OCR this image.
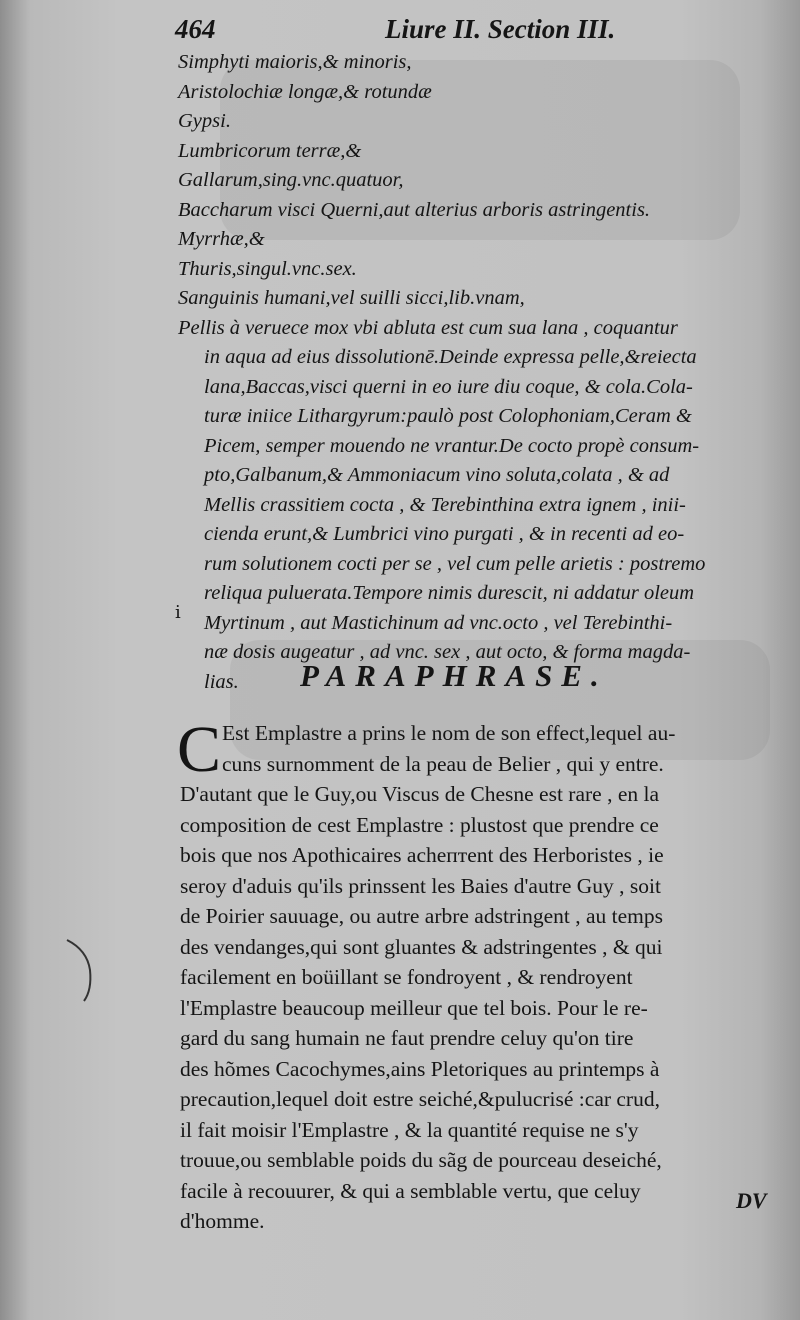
464	Liure II. Section III.
Simphyti maioris,& minoris,
Aristolochiæ longæ,& rotundæ
Gypsi.
Lumbricorum terræ,&
Gallarum,sing.vnc.quatuor,
Baccharum visci Querni,aut alterius arboris astringentis.
Myrrhæ,&
Thuris,singul.vnc.sex.
Sanguinis humani,vel suilli sicci,lib.vnam,
Pellis à veruece mox vbi abluta est cum sua lana , coquantur
in aqua ad eius dissolutionē.Deinde expressa pelle,&reiecta
lana,Baccas,visci querni in eo iure diu coque, & cola.Cola-
turæ iniice Lithargyrum:paulò post Colophoniam,Ceram &
Picem, semper mouendo ne vrantur.De cocto propè consum-
pto,Galbanum,& Ammoniacum vino soluta,colata , & ad
Mellis crassitiem cocta , & Terebinthina extra ignem , inii-
cienda erunt,& Lumbrici vino purgati , & in recenti ad eo-
rum solutionem cocti per se , vel cum pelle arietis : postremo
reliqua puluerata.Tempore nimis durescit, ni addatur oleum
Myrtinum , aut Mastichinum ad vnc.octo , vel Terebinthi-
næ dosis augeatur , ad vnc. sex , aut octo, & forma magda-
lias.
i
PARAPHRASE.
C Est Emplastre a prins le nom de son effect,lequel au-
cuns surnomment de la peau de Belier , qui y entre.
D'autant que le Guy,ou Viscus de Chesne est rare , en la
composition de cest Emplastre : plustost que prendre ce
bois que nos Apothicaires achептent des Herboristes , ie
seroy d'aduis qu'ils prinssent les Baies d'autre Guy , soit
de Poirier sauuage, ou autre arbre adstringent , au temps
des vendanges,qui sont gluantes & adstringentes , & qui
facilement en boüillant se fondroyent , & rendroyent
l'Emplastre beaucoup meilleur que tel bois. Pour le re-
gard du sang humain ne faut prendre celuy qu'on tire
des hõmes Cacochymes,ains Pletoriques au printemps à
precaution,lequel doit estre seiché,&pulucrisé :car crud,
il fait moisir l'Emplastre , & la quantité requise ne s'y
trouue,ou semblable poids du sãg de pourceau deseiché,
facile à recouurer, & qui a semblable vertu, que celuy
d'homme.
DV
